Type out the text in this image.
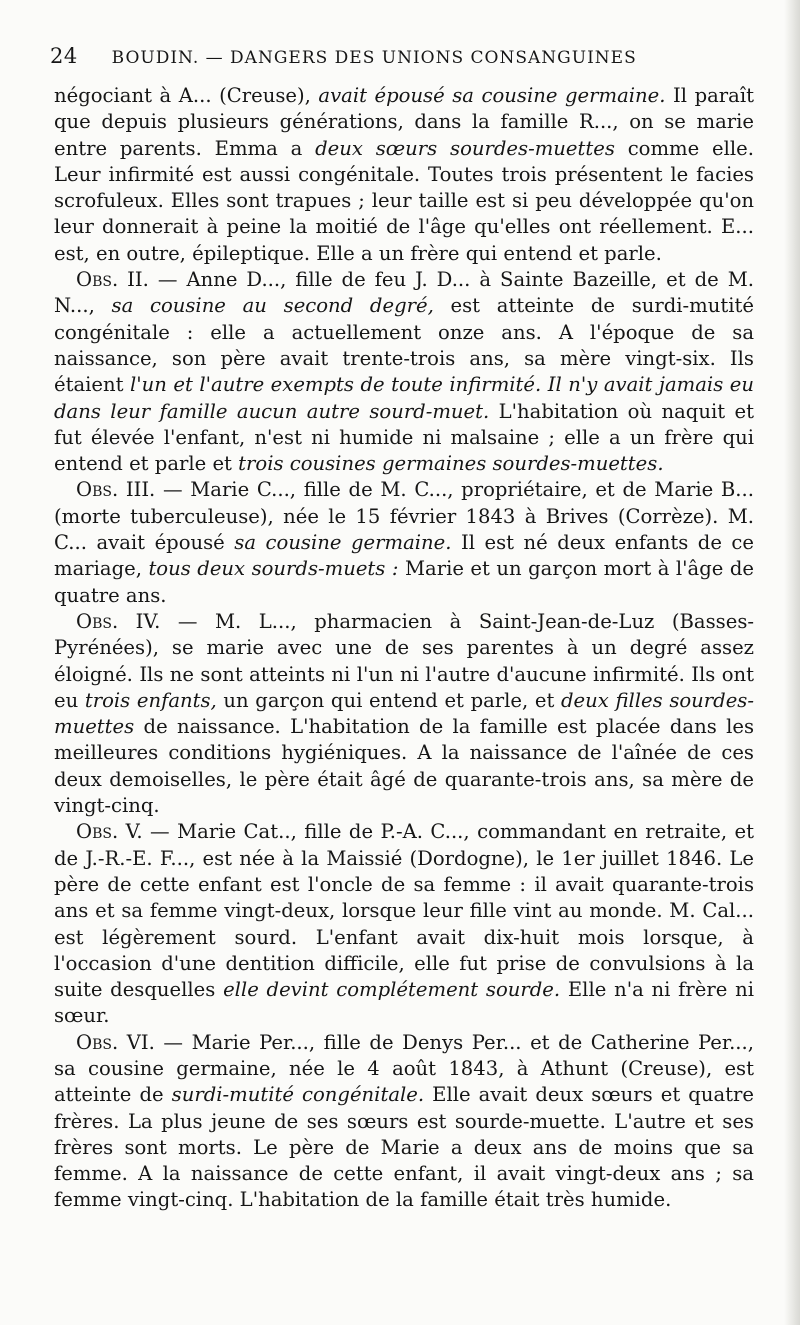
24 BOUDIN. — DANGERS DES UNIONS CONSANGUINES

négociant à A... (Creuse), avait épousé sa cousine germaine. Il paraît que depuis plusieurs générations, dans la famille R..., on se marie entre parents. Emma a deux sœurs sourdes-muettes comme elle. Leur infirmité est aussi congénitale. Toutes trois présentent le facies scrofuleux. Elles sont trapues ; leur taille est si peu développée qu'on leur donnerait à peine la moitié de l'âge qu'elles ont réellement. E... est, en outre, épileptique. Elle a un frère qui entend et parle.

Obs. II. — Anne D..., fille de feu J. D... à Sainte Bazeille, et de M. N..., sa cousine au second degré, est atteinte de surdi-mutité congénitale : elle a actuellement onze ans. A l'époque de sa naissance, son père avait trente-trois ans, sa mère vingt-six. Ils étaient l'un et l'autre exempts de toute infirmité. Il n'y avait jamais eu dans leur famille aucun autre sourd-muet. L'habitation où naquit et fut élevée l'enfant, n'est ni humide ni malsaine ; elle a un frère qui entend et parle et trois cousines germaines sourdes-muettes.

Obs. III. — Marie C..., fille de M. C..., propriétaire, et de Marie B... (morte tuberculeuse), née le 15 février 1843 à Brives (Corrèze). M. C... avait épousé sa cousine germaine. Il est né deux enfants de ce mariage, tous deux sourds-muets : Marie et un garçon mort à l'âge de quatre ans.

Obs. IV. — M. L..., pharmacien à Saint-Jean-de-Luz (Basses-Pyrénées), se marie avec une de ses parentes à un degré assez éloigné. Ils ne sont atteints ni l'un ni l'autre d'aucune infirmité. Ils ont eu trois enfants, un garçon qui entend et parle, et deux filles sourdes-muettes de naissance. L'habitation de la famille est placée dans les meilleures conditions hygiéniques. A la naissance de l'aînée de ces deux demoiselles, le père était âgé de quarante-trois ans, sa mère de vingt-cinq.

Obs. V. — Marie Cat.., fille de P.-A. C..., commandant en retraite, et de J.-R.-E. F..., est née à la Maissié (Dordogne), le 1er juillet 1846. Le père de cette enfant est l'oncle de sa femme : il avait quarante-trois ans et sa femme vingt-deux, lorsque leur fille vint au monde. M. Cal... est légèrement sourd. L'enfant avait dix-huit mois lorsque, à l'occasion d'une dentition difficile, elle fut prise de convulsions à la suite desquelles elle devint complétement sourde. Elle n'a ni frère ni sœur.

Obs. VI. — Marie Per..., fille de Denys Per... et de Catherine Per..., sa cousine germaine, née le 4 août 1843, à Athunt (Creuse), est atteinte de surdi-mutité congénitale. Elle avait deux sœurs et quatre frères. La plus jeune de ses sœurs est sourde-muette. L'autre et ses frères sont morts. Le père de Marie a deux ans de moins que sa femme. A la naissance de cette enfant, il avait vingt-deux ans ; sa femme vingt-cinq. L'habitation de la famille était très humide.
